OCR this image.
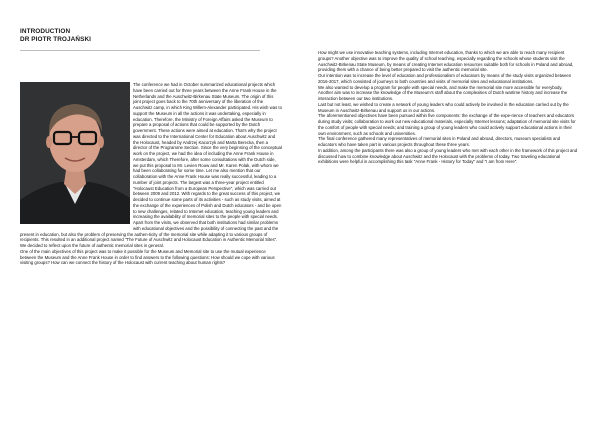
INTRODUCTION
DR PIOTR TROJAŃSKI

The conference we had in October summarized educational projects which have been carried out for three years between the Anne Frank House in the Netherlands and the Auschwitz-Birkenau State Museum. The origin of this joint project goes back to the 70th anniversary of the liberation of the Auschwitz camp, in which King Willem-Alexander participated. His wish was to support the Museum in all the actions it was undertaking, especially in education. Therefore, the Ministry of Foreign Affairs asked the Museum to prepare a proposal of actions that could be supported by the Dutch government. These actions were aimed at education. That's why the project was directed to the International Center for Education about Auschwitz and the Holocaust, headed by Andrzej Kacorzyk and Marta Berecka, then a director of the Programme Section. Since the very beginning of the conceptual work on the project, we had the idea of including the Anne Frank House in Amsterdam, which Therefore, after some consultations with the Dutch side, we put this proposal to Mr. Levien Rouw and Mr. Karen Polak, with whom we had been collaborating for some time. Let me also mention that our collaboration with the Anne Frank House was really successful, leading to a number of joint projects. The largest was a three-year project entitled "Holocaust Education from a European Perspective", which was carried out between 2009 and 2012. With regards to the great success of this project, we decided to continue some parts of its activities - such as study visits, aimed at the exchange of the experiences of Polish and Dutch educators - and be open to new challenges, related to Internet education, teaching young leaders and increasing the availability of memorial sites to the people with special needs. Apart from the visits, we observed that both institutions had similar problems with educational objectives and the possibility of connecting the past and the present in education, but also the problem of preserving the authen-ticity of the memorial site while adapting it to various groups of recipients. This resulted in an additional project named "The Future of Auschwitz and Holocaust Education in Authentic Memorial Sites". We decided to reflect upon the future of authentic memorial sites in general.

One of the main objectives of this project was to make it possible for the Museum and Memorial site to use the mutual experience between the Museum and the Anne Frank House in order to find answers to the following questions: How should we cope with various visiting groups? How can we connect the history of the Holocaust with current teaching about human rights?

How might we use innovative teaching systems, including Internet education, thanks to which we are able to reach many recipient groups? Another objective was to improve the quality of school teaching, especially regarding the schools whose students visit the Auschwitz-Birkenau State Museum, by means of creating Internet education resources suitable both for schools in Poland and abroad, providing them with a chance of being better prepared to visit the authentic memorial site.

Our intention was to increase the level of education and professionalism of educators by means of the study visits organized between 2016-2017, which consisted of journeys to both countries and visits of memorial sites and educational institutions.

We also wanted to develop a program for people with special needs, and make the memorial site more accessible for everybody.

Another aim was to increase the knowledge of the Museum's staff about the complexities of Dutch wartime history and increase the interaction between our two institutions.

Last but not least, we wished to create a network of young leaders who could actively be involved in the education carried out by the Museum in Auschwitz-Birkenau and support us in our actions.

The aforementioned objectives have been pursued within five components: the exchange of the expe-rience of teachers and educators during study visits; collaboration to work out new educational materials, especially Internet lessons; adaptation of memorial site visits for the comfort of people with special needs; and training a group of young leaders who could actively support educational actions in their own environment, such as schools and universities.

The final conference gathered many representatives of memorial sites in Poland and abroad, directors, museum specialists and educators who have taken part in various projects throughout these three years.

In addition, among the participants there was also a group of young leaders who met with each other in the framework of this project and discussed how to combine knowledge about Auschwitz and the Holocaust with the problems of today. Two traveling educational exhibitions were helpful in accomplishing this task "Anne Frank - History for Today" and "I am from Here".
